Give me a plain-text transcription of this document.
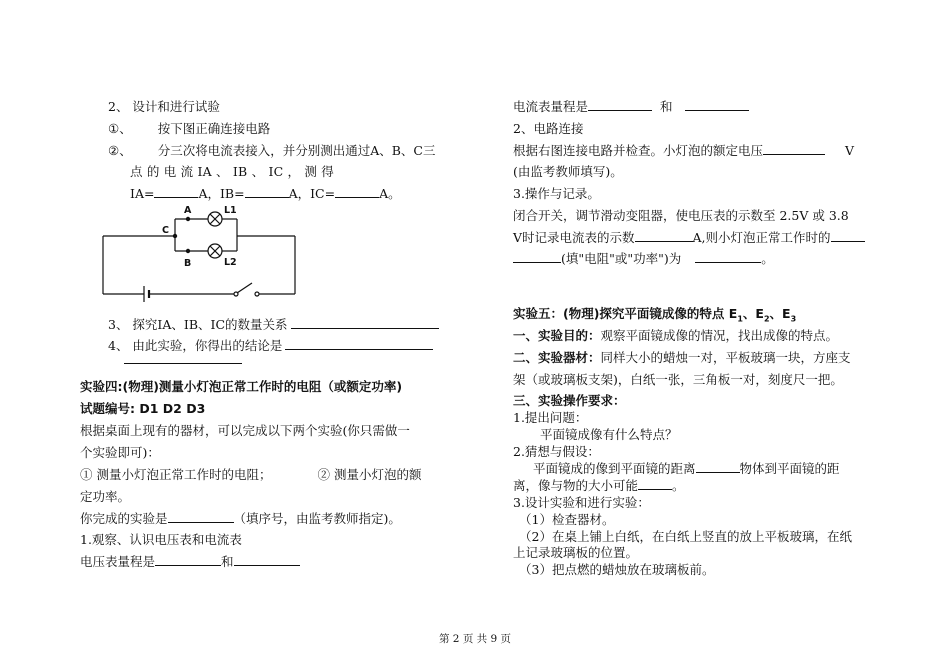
2、 设计和进行试验
①、 按下图正确连接电路
②、 分三次将电流表接入，并分别测出通过A、B、C三
点 的 电 流 IA 、 IB 、 IC ， 测 得
IA=	A，IB=	A，IC=	A。
A
B
C
L1
L2
3、 探究IA、IB、IC的数量关系
4、 由此实验，你得出的结论是
实验四:(物理)测量小灯泡正常工作时的电阻（或额定功率)
试题编号: D1 D2 D3
根据桌面上现有的器材，可以完成以下两个实验(你只需做一
个实验即可)：
① 测量小灯泡正常工作时的电阻；	② 测量小灯泡的额
定功率。
你完成的实验是	（填序号，由监考教师指定)。
1.观察、认识电压表和电流表
电压表量程是	和
电流表量程是	和
2、电路连接
根据右图连接电路并检查。小灯泡的额定电压	V
(由监考教师填写)。
3.操作与记录。
闭合开关，调节滑动变阻器，使电压表的示数至 2.5V 或 3.8
V时记录电流表的示数	A,则小灯泡正常工作时的
(填"电阻"或"功率")为	。
实验五：(物理)探究平面镜成像的特点 $E_1$、$E_2$、$E_3$
一、实验目的：观察平面镜成像的情况，找出成像的特点。
二、实验器材：同样大小的蜡烛一对，平板玻璃一块，方座支
架（或玻璃板支架)，白纸一张，三角板一对，刻度尺一把。
三、实验操作要求：
1.提出问题：
平面镜成像有什么特点？
2.猜想与假设：
平面镜成的像到平面镜的距离	物体到平面镜的距
离，像与物的大小可能	。
3.设计实验和进行实验：
（1）检查器材。
（2）在桌上铺上白纸，在白纸上竖直的放上平板玻璃，在纸
上记录玻璃板的位置。
（3）把点燃的蜡烛放在玻璃板前。
第 2 页 共 9 页
